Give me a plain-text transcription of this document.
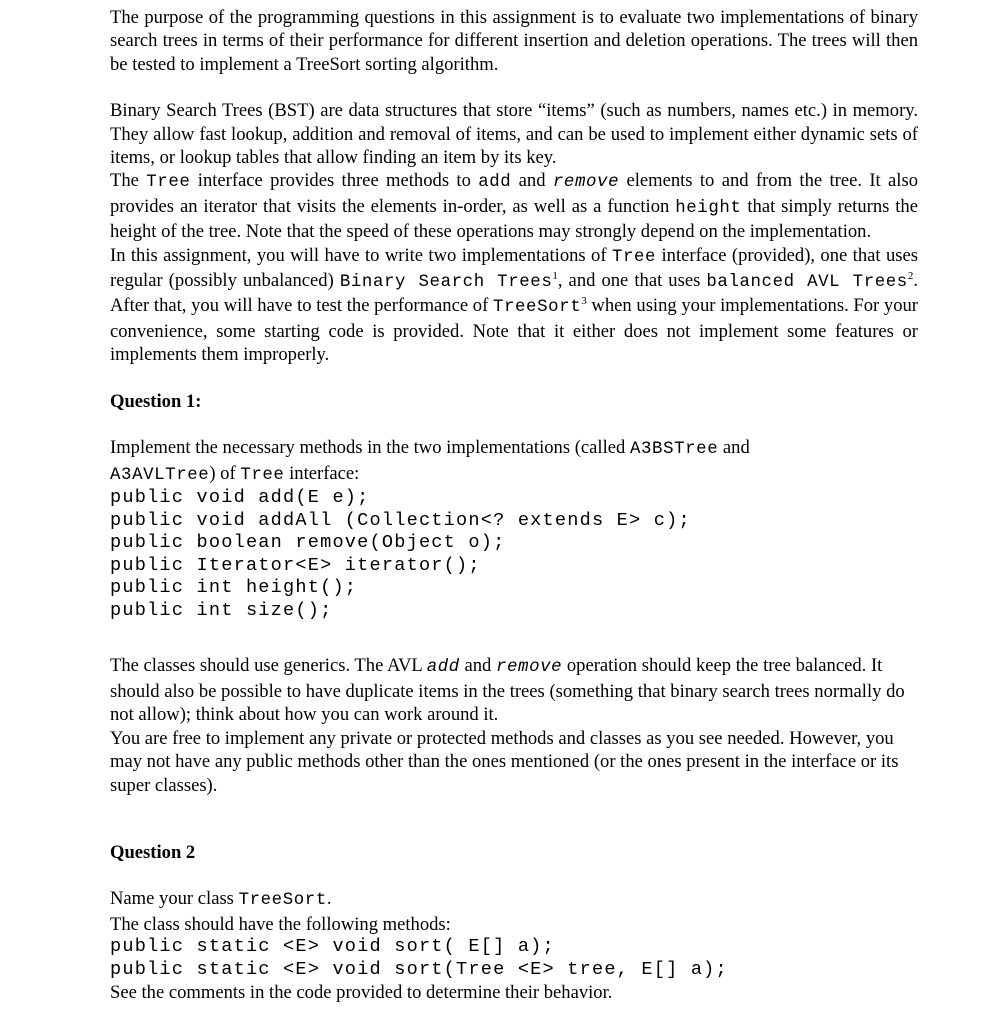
The purpose of the programming questions in this assignment is to evaluate two implementations of binary search trees in terms of their performance for different insertion and deletion operations. The trees will then be tested to implement a TreeSort sorting algorithm.

Binary Search Trees (BST) are data structures that store “items” (such as numbers, names etc.) in memory. They allow fast lookup, addition and removal of items, and can be used to implement either dynamic sets of items, or lookup tables that allow finding an item by its key.

The Tree interface provides three methods to add and remove elements to and from the tree. It also provides an iterator that visits the elements in-order, as well as a function height that simply returns the height of the tree. Note that the speed of these operations may strongly depend on the implementation.

In this assignment, you will have to write two implementations of Tree interface (provided), one that uses regular (possibly unbalanced) Binary Search Trees$^1$, and one that uses balanced AVL Trees$^2$. After that, you will have to test the performance of TreeSort$^3$ when using your implementations. For your convenience, some starting code is provided. Note that it either does not implement some features or implements them improperly.

Question 1:

Implement the necessary methods in the two implementations (called A3BSTree and A3AVLTree) of Tree interface:

public void add(E e);

public void addAll (Collection<? extends E> c);

public boolean remove(Object o);

public Iterator<E> iterator();

public int height();

public int size();

The classes should use generics. The AVL add and remove operation should keep the tree balanced. It should also be possible to have duplicate items in the trees (something that binary search trees normally do not allow); think about how you can work around it.

You are free to implement any private or protected methods and classes as you see needed. However, you may not have any public methods other than the ones mentioned (or the ones present in the interface or its super classes).

Question 2

Name your class TreeSort.

The class should have the following methods:

public static <E> void sort( E[] a);

public static <E> void sort(Tree <E> tree, E[] a);

See the comments in the code provided to determine their behavior.
